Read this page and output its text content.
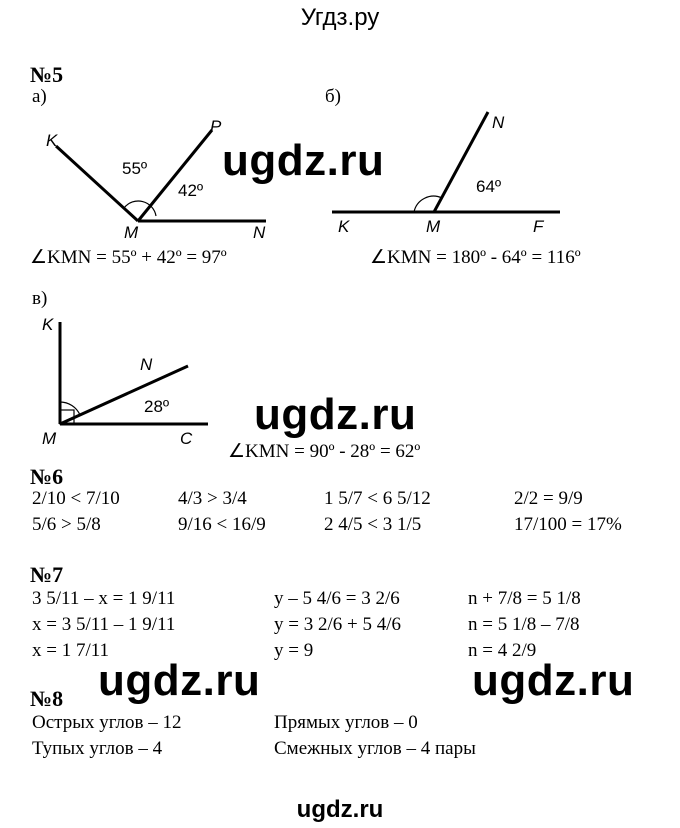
Угдз.ру
№5
а)	б)
K
P
M	N
55º
42º
∠KMN = 55º + 42º = 97º
N
K	M	F
64º
∠KMN = 180º - 64º = 116º
в)
K
N
M	C
28º
∠KMN = 90º - 28º = 62º
№6
2/10 < 7/10	4/3 > 3/4	1 5/7 < 6 5/12	2/2 = 9/9
5/6 > 5/8	9/16 < 16/9	2 4/5 < 3 1/5	17/100 = 17%
№7
3 5/11 – x = 1 9/11
x = 3 5/11 – 1 9/11
x = 1 7/11
y – 5 4/6 = 3 2/6
y = 3 2/6 + 5 4/6
y = 9
n + 7/8 = 5 1/8
n = 5 1/8 – 7/8
n = 4 2/9
№8
Острых углов – 12	Прямых углов – 0
Тупых углов – 4	Смежных углов – 4 пары
ugdz.ru
ugdz.ru
ugdz.ru	ugdz.ru
ugdz.ru
